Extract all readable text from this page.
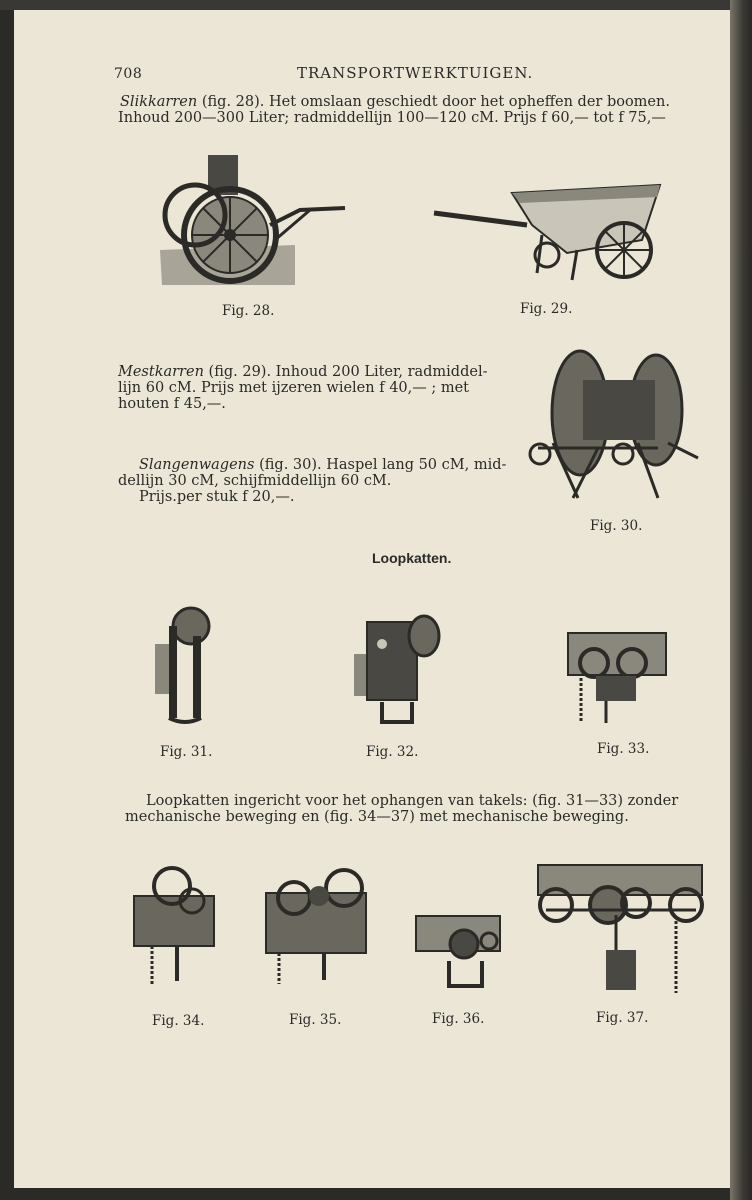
708	TRANSPORTWERKTUIGEN.
Slikkarren (fig. 28). Het omslaan geschiedt door het opheffen der boomen.
Inhoud 200—300 Liter; radmiddellijn 100—120 cM. Prijs f 60,— tot f 75,—
Fig. 28.	Fig. 29.
Mestkarren (fig. 29). Inhoud 200 Liter, radmiddel-
lijn 60 cM. Prijs met ijzeren wielen f 40,— ; met
houten f 45,—.
Slangenwagens (fig. 30). Haspel lang 50 cM, mid-
dellijn 30 cM, schijfmiddellijn 60 cM.
Prijs.per stuk f 20,—.
Fig. 30.
Loopkatten.
Fig. 31.	Fig. 32.	Fig. 33.
Loopkatten ingericht voor het ophangen van takels: (fig. 31—33) zonder
mechanische beweging en (fig. 34—37) met mechanische beweging.
Fig. 34.	Fig. 35.	Fig. 36.	Fig. 37.
